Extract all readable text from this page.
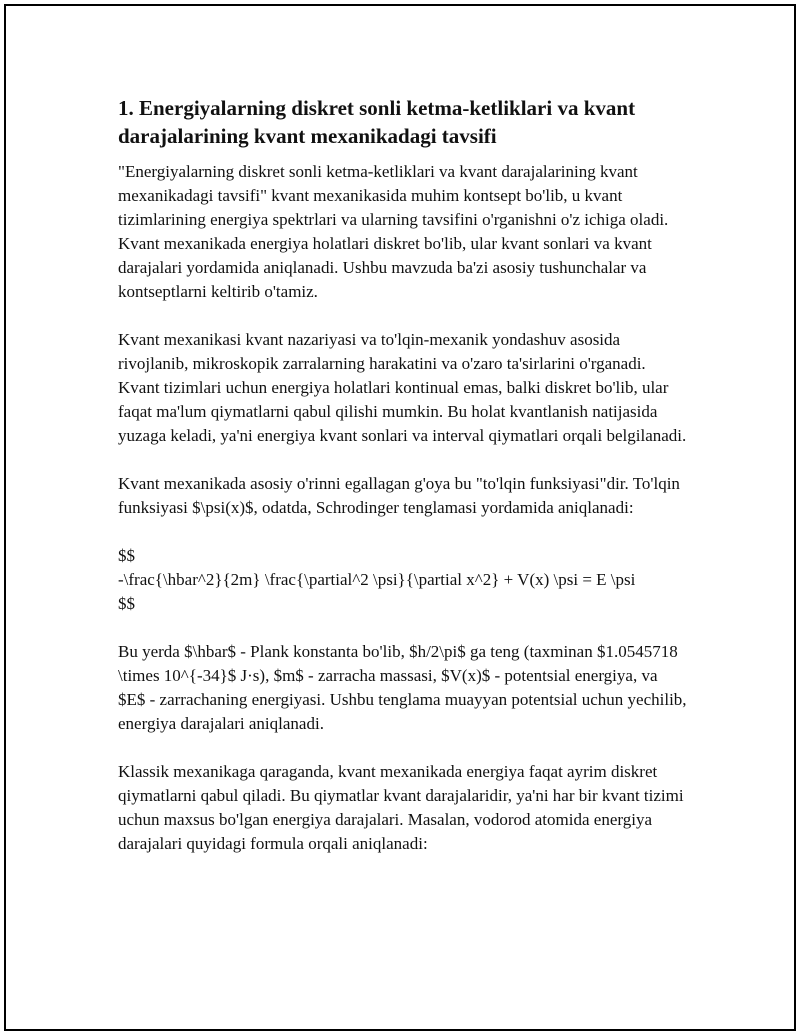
1. Energiyalarning diskret sonli ketma-ketliklari va kvant darajalarining kvant mexanikadagi tavsifi

"Energiyalarning diskret sonli ketma-ketliklari va kvant darajalarining kvant mexanikadagi tavsifi" kvant mexanikasida muhim kontsept bo'lib, u kvant tizimlarining energiya spektrlari va ularning tavsifini o'rganishni o'z ichiga oladi. Kvant mexanikada energiya holatlari diskret bo'lib, ular kvant sonlari va kvant darajalari yordamida aniqlanadi. Ushbu mavzuda ba'zi asosiy tushunchalar va kontseptlarni keltirib o'tamiz.

Kvant mexanikasi kvant nazariyasi va to'lqin-mexanik yondashuv asosida rivojlanib, mikroskopik zarralarning harakatini va o'zaro ta'sirlarini o'rganadi. Kvant tizimlari uchun energiya holatlari kontinual emas, balki diskret bo'lib, ular faqat ma'lum qiymatlarni qabul qilishi mumkin. Bu holat kvantlanish natijasida yuzaga keladi, ya'ni energiya kvant sonlari va interval qiymatlari orqali belgilanadi.

Kvant mexanikada asosiy o'rinni egallagan g'oya bu "to'lqin funksiyasi"dir. To'lqin funksiyasi $\psi(x)$, odatda, Schrodinger tenglamasi yordamida aniqlanadi:

$$
-\frac{\hbar^2}{2m} \frac{\partial^2 \psi}{\partial x^2} + V(x) \psi = E \psi
$$

Bu yerda $\hbar$ - Plank konstanta bo'lib, $h/2\pi$ ga teng (taxminan $1.0545718 \times 10^{-34}$ J·s), $m$ - zarracha massasi, $V(x)$ - potentsial energiya, va $E$ - zarrachaning energiyasi. Ushbu tenglama muayyan potentsial uchun yechilib, energiya darajalari aniqlanadi.

Klassik mexanikaga qaraganda, kvant mexanikada energiya faqat ayrim diskret qiymatlarni qabul qiladi. Bu qiymatlar kvant darajalaridir, ya'ni har bir kvant tizimi uchun maxsus bo'lgan energiya darajalari. Masalan, vodorod atomida energiya darajalari quyidagi formula orqali aniqlanadi:
